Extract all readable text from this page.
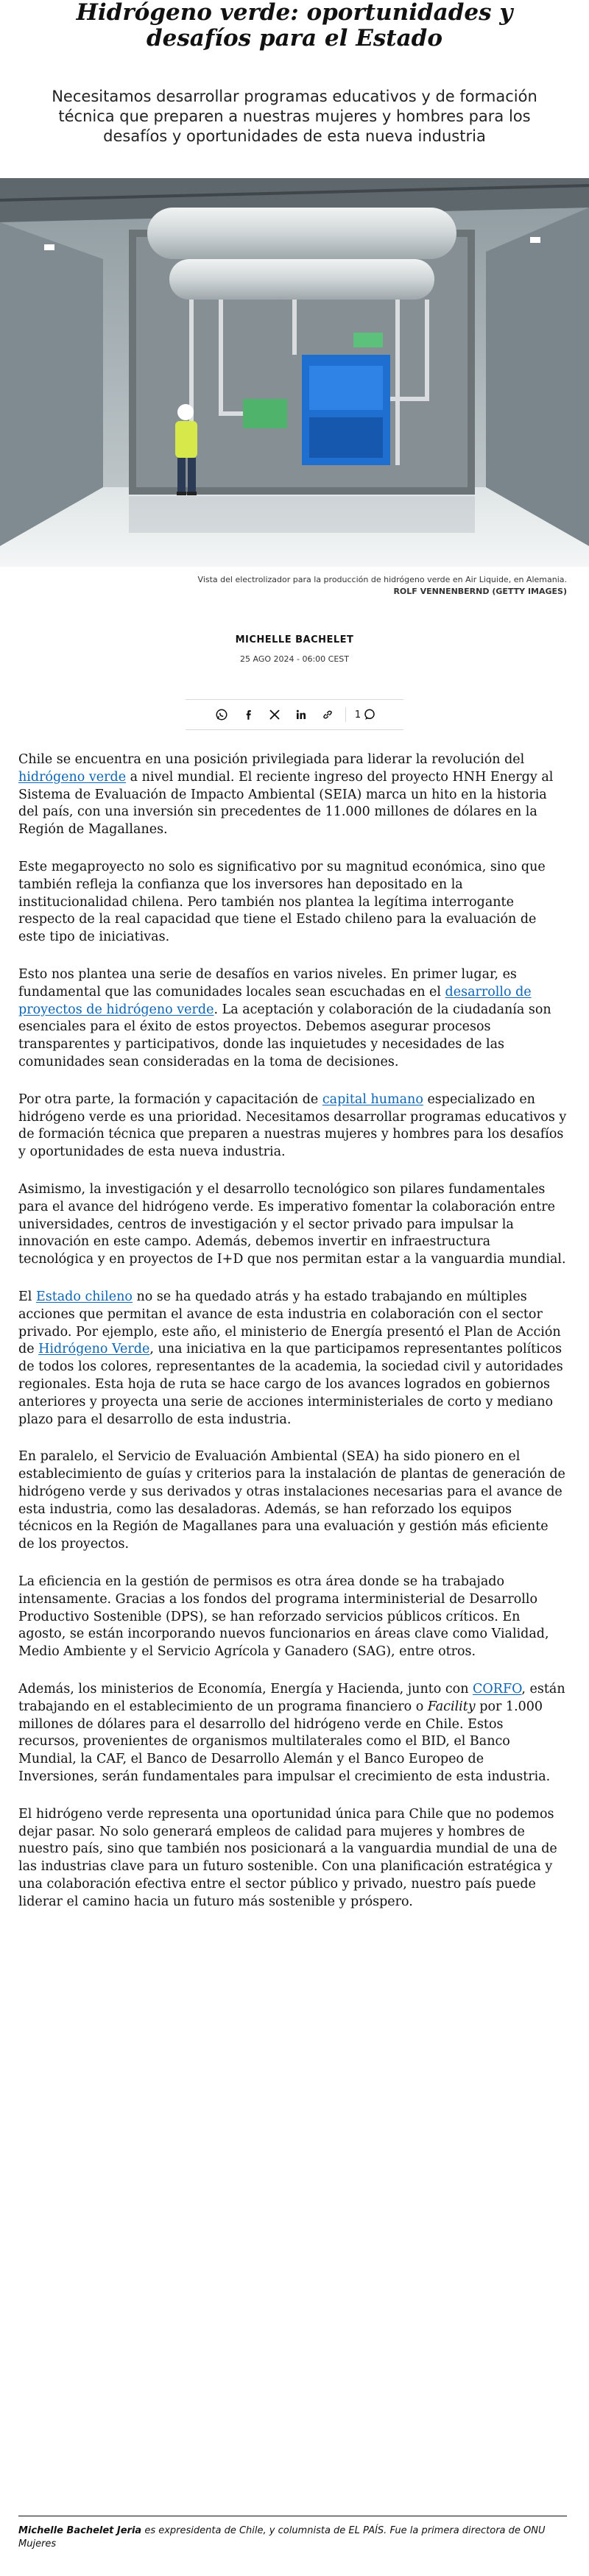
Hidrógeno verde: oportunidades y desafíos para el Estado

Necesitamos desarrollar programas educativos y de formación técnica que preparen a nuestras mujeres y hombres para los desafíos y oportunidades de esta nueva industria

Vista del electrolizador para la producción de hidrógeno verde en Air Liquide, en Alemania.
ROLF VENNENBERND (GETTY IMAGES)
MICHELLE BACHELET
25 AGO 2024 - 06:00 CEST
1

Chile se encuentra en una posición privilegiada para liderar la revolución del hidrógeno verde a nivel mundial. El reciente ingreso del proyecto HNH Energy al Sistema de Evaluación de Impacto Ambiental (SEIA) marca un hito en la historia del país, con una inversión sin precedentes de 11.000 millones de dólares en la Región de Magallanes.

Este megaproyecto no solo es significativo por su magnitud económica, sino que también refleja la confianza que los inversores han depositado en la institucionalidad chilena. Pero también nos plantea la legítima interrogante respecto de la real capacidad que tiene el Estado chileno para la evaluación de este tipo de iniciativas.

Esto nos plantea una serie de desafíos en varios niveles. En primer lugar, es fundamental que las comunidades locales sean escuchadas en el desarrollo de proyectos de hidrógeno verde. La aceptación y colaboración de la ciudadanía son esenciales para el éxito de estos proyectos. Debemos asegurar procesos transparentes y participativos, donde las inquietudes y necesidades de las comunidades sean consideradas en la toma de decisiones.

Por otra parte, la formación y capacitación de capital humano especializado en hidrógeno verde es una prioridad. Necesitamos desarrollar programas educativos y de formación técnica que preparen a nuestras mujeres y hombres para los desafíos y oportunidades de esta nueva industria.

Asimismo, la investigación y el desarrollo tecnológico son pilares fundamentales para el avance del hidrógeno verde. Es imperativo fomentar la colaboración entre universidades, centros de investigación y el sector privado para impulsar la innovación en este campo. Además, debemos invertir en infraestructura tecnológica y en proyectos de I+D que nos permitan estar a la vanguardia mundial.

El Estado chileno no se ha quedado atrás y ha estado trabajando en múltiples acciones que permitan el avance de esta industria en colaboración con el sector privado. Por ejemplo, este año, el ministerio de Energía presentó el Plan de Acción de Hidrógeno Verde, una iniciativa en la que participamos representantes políticos de todos los colores, representantes de la academia, la sociedad civil y autoridades regionales. Esta hoja de ruta se hace cargo de los avances logrados en gobiernos anteriores y proyecta una serie de acciones interministeriales de corto y mediano plazo para el desarrollo de esta industria.

En paralelo, el Servicio de Evaluación Ambiental (SEA) ha sido pionero en el establecimiento de guías y criterios para la instalación de plantas de generación de hidrógeno verde y sus derivados y otras instalaciones necesarias para el avance de esta industria, como las desaladoras. Además, se han reforzado los equipos técnicos en la Región de Magallanes para una evaluación y gestión más eficiente de los proyectos.

La eficiencia en la gestión de permisos es otra área donde se ha trabajado intensamente. Gracias a los fondos del programa interministerial de Desarrollo Productivo Sostenible (DPS), se han reforzado servicios públicos críticos. En agosto, se están incorporando nuevos funcionarios en áreas clave como Vialidad, Medio Ambiente y el Servicio Agrícola y Ganadero (SAG), entre otros.

Además, los ministerios de Economía, Energía y Hacienda, junto con CORFO, están trabajando en el establecimiento de un programa financiero o Facility por 1.000 millones de dólares para el desarrollo del hidrógeno verde en Chile. Estos recursos, provenientes de organismos multilaterales como el BID, el Banco Mundial, la CAF, el Banco de Desarrollo Alemán y el Banco Europeo de Inversiones, serán fundamentales para impulsar el crecimiento de esta industria.

El hidrógeno verde representa una oportunidad única para Chile que no podemos dejar pasar. No solo generará empleos de calidad para mujeres y hombres de nuestro país, sino que también nos posicionará a la vanguardia mundial de una de las industrias clave para un futuro sostenible. Con una planificación estratégica y una colaboración efectiva entre el sector público y privado, nuestro país puede liderar el camino hacia un futuro más sostenible y próspero.

Michelle Bachelet Jeria es expresidenta de Chile, y columnista de EL PAÍS. Fue la primera directora de ONU Mujeres
